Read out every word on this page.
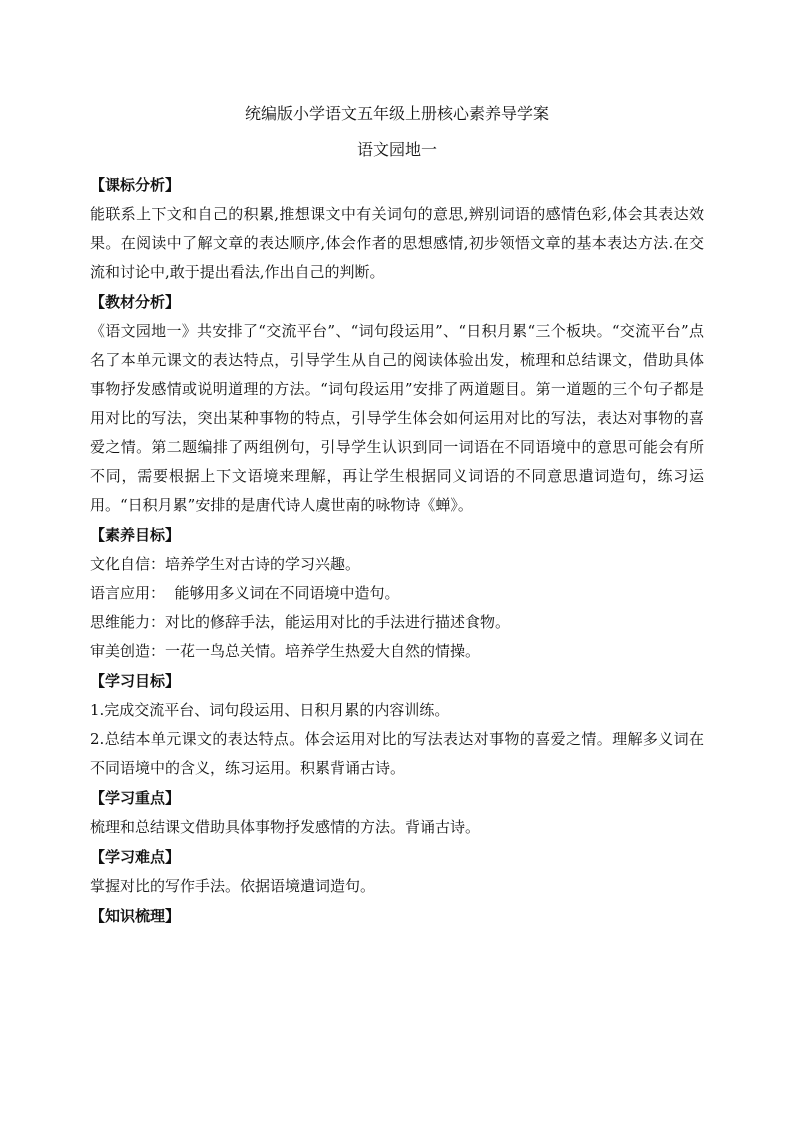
统编版小学语文五年级上册核心素养导学案
语文园地一
【课标分析】

能联系上下文和自己的积累,推想课文中有关词句的意思,辨别词语的感情色彩,体会其表达效果。在阅读中了解文章的表达顺序,体会作者的思想感情,初步领悟文章的基本表达方法.在交流和讨论中,敢于提出看法,作出自己的判断。

【教材分析】

《语文园地一》共安排了“交流平台”、“词句段运用”、“日积月累“三个板块。“交流平台”点名了本单元课文的表达特点，引导学生从自己的阅读体验出发，梳理和总结课文，借助具体事物抒发感情或说明道理的方法。“词句段运用”安排了两道题目。第一道题的三个句子都是用对比的写法，突出某种事物的特点，引导学生体会如何运用对比的写法，表达对事物的喜爱之情。第二题编排了两组例句，引导学生认识到同一词语在不同语境中的意思可能会有所不同，需要根据上下文语境来理解，再让学生根据同义词语的不同意思遣词造句，练习运用。“日积月累”安排的是唐代诗人虞世南的咏物诗《蝉》。

【素养目标】

文化自信：培养学生对古诗的学习兴趣。

语言应用：  能够用多义词在不同语境中造句。

思维能力：对比的修辞手法，能运用对比的手法进行描述食物。

审美创造：一花一鸟总关情。培养学生热爱大自然的情操。

【学习目标】

1.完成交流平台、词句段运用、日积月累的内容训练。

2.总结本单元课文的表达特点。体会运用对比的写法表达对事物的喜爱之情。理解多义词在不同语境中的含义，练习运用。积累背诵古诗。

【学习重点】

梳理和总结课文借助具体事物抒发感情的方法。背诵古诗。

【学习难点】

掌握对比的写作手法。依据语境遣词造句。

【知识梳理】
